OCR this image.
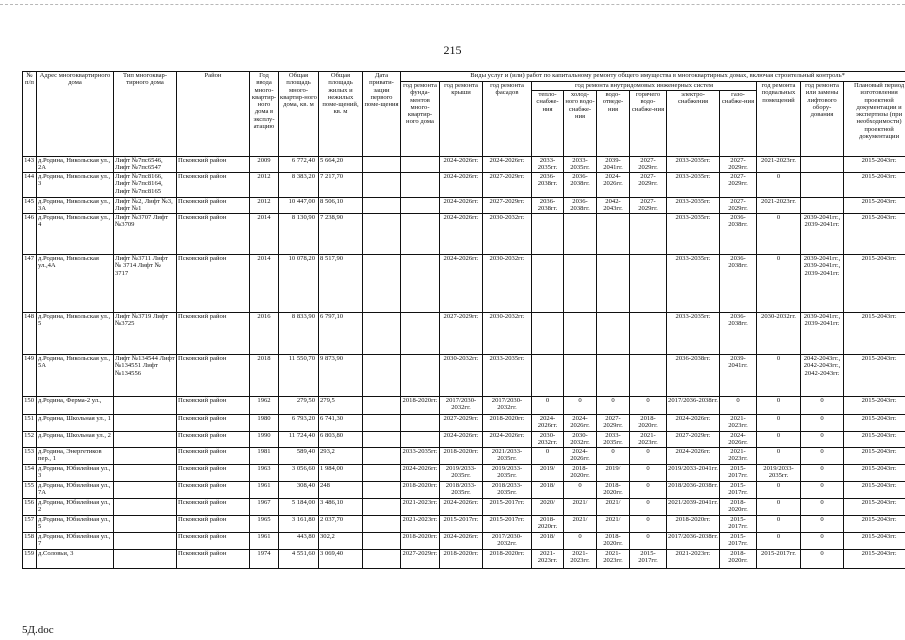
215
№ п/п	Адрес многоквартирного дома	Тип многоквар-тирного дома	Район	Год ввода много-квартир-ного дома в эксплу-атацию	Общая площадь много-квартир-ного дома, кв. м	Общая площадь жилых и нежилых поме-щений, кв. м	Дата привати-зации первого поме-щения	Виды услуг и (или) работ по капитальному ремонту общего имущества в многоквартирных домах, включая строительный контроль*											
								год ремонта фунда-ментов много-квартир-ного дома	год ремонта крыши	год ремонта фасадов	год ремонта внутридомовых инженерных систем						год ремонта подвальных помещений	год ремонта или замены лифтового обору-дования	Плановый период изготовления проектной документации и экспертизы (при необходимости) проектной документации
											тепло-снабже-ния	холод-ного водо-снабже-ния	водо-отведе-ния	горячего водо-снабже-ния	электро-снабжения	газо-снабже-ния			
143	д.Родина, Никольская ул., 2А	Лифт №7пс6546, Лифт №7пс6547	Псковский район	2009	6 772,40	5 664,20			2024-2026гг.	2024-2026гг.	2033-2035гг.	2033-2035гг.	2039-2041гг.	2027-2029гг.	2033-2035гг.	2027-2029гг.	2021-2023гг.		2015-2043гг.
144	д.Родина, Никольская ул., 3	Лифт №7пс8166, Лифт №7пс8164, Лифт №7пс8165	Псковский район	2012	8 383,20	7 217,70			2024-2026гг.	2027-2029гг.	2036-2038гг.	2036-2038гг.	2024-2026гг.	2027-2029гг.	2033-2035гг.	2027-2029гг.	0		2015-2043гг.
145	д.Родина, Никольская ул., 3А	Лифт №2, Лифт №3, Лифт №1	Псковский район	2012	10 447,00	8 506,10			2024-2026гг.	2027-2029гг.	2036-2038гг.	2036-2038гг.	2042-2043гг.	2027-2029гг.	2033-2035гг.	2027-2029гг.	2021-2023гг.		2015-2043гг.
146	д.Родина, Никольская ул., 4	Лифт №3707 Лифт №3709	Псковский район	2014	8 130,90	7 238,90			2024-2026гг.	2030-2032гг.					2033-2035гг.	2036-2038гг.	0	2039-2041гг., 2039-2041гг.	2015-2043гг.
147	д.Родина, Никольская ул.,4А	Лифт №3711 Лифт № 3714 Лифт № 3717	Псковский район	2014	10 078,20	8 517,90			2024-2026гг.	2030-2032гг.					2033-2035гг.	2036-2038гг.	0	2039-2041гг., 2039-2041гг., 2039-2041гг.	2015-2043гг.
148	д.Родина, Никольская ул., 5	Лифт №3719 Лифт №3725	Псковский район	2016	8 833,90	6 797,10			2027-2029гг.	2030-2032гг.					2033-2035гг.	2036-2038гг.	2030-2032гг.	2039-2041гг., 2039-2041гг.	2015-2043гг.
149	д.Родина, Никольская ул., 5А	Лифт №134544 Лифт №134551 Лифт №134556	Псковский район	2018	11 550,70	9 873,90			2030-2032гг.	2033-2035гг.					2036-2038гг.	2039-2041гг.	0	2042-2043гг., 2042-2043гг., 2042-2043гг.	2015-2043гг.
150	д.Родина, Ферма-2 ул.,		Псковский район	1962	279,50	279,5		2018-2020гг.	2017/2030-2032гг.	2017/2030-2032гг.	0	0	0	0	2017/2036-2038гг.	0	0	0	2015-2043гг.
151	д.Родина, Школьная ул., 1		Псковский район	1980	6 793,20	6 741,30			2027-2029гг.	2018-2020гг.	2024-2026гг.	2024-2026гг.	2027-2029гг.	2018-2020гг.	2024-2026гг.	2021-2023гг.	0	0	2015-2043гг.
152	д.Родина, Школьная ул., 2		Псковский район	1990	11 724,40	6 803,80			2024-2026гг.	2024-2026гг.	2030-2032гг.	2030-2032гг.	2033-2035гг.	2021-2023гг.	2027-2029гг.	2024-2026гг.	0	0	2015-2043гг.
153	д.Родина, Энергетиков пер., 1		Псковский район	1981	589,40	293,2		2033-2035гг.	2018-2020гг.	2021/2033-2035гг.	0	2024-2026гг.	0	0	2024-2026гг.	2021-2023гг.	0	0	2015-2043гг.
154	д.Родина, Юбилейная ул., 3		Псковский район	1963	3 056,60	1 984,00		2024-2026гг.	2019/2033-2035гг.	2019/2033-2035гг.	2019/	2018-2020гг.	2019/	0	2019/2033-2041гг.	2015-2017гг.	2019/2033-2035гг.	0	2015-2043гг.
155	д.Родина, Юбилейная ул., 7А		Псковский район	1961	308,40	248		2018-2020гг.	2018/2033-2035гг.	2018/2033-2035гг.	2018/	0	2018-2020гг.	0	2018/2036-2038гг.	2015-2017гг.	0	0	2015-2043гг.
156	д.Родина, Юбилейная ул., 2		Псковский район	1967	5 184,00	3 486,10		2021-2023гг.	2024-2026гг.	2015-2017гг.	2020/	2021/	2021/	0	2021/2039-2041гг.	2018-2020гг.	0	0	2015-2043гг.
157	д.Родина, Юбилейная ул., 5		Псковский район	1965	3 161,80	2 037,70		2021-2023гг.	2015-2017гг.	2015-2017гг.	2018-2020гг.	2021/	2021/	0	2018-2020гг.	2015-2017гг.	0	0	2015-2043гг.
158	д.Родина, Юбилейная ул., 7		Псковский район	1961	443,80	302,2		2018-2020гг.	2024-2026гг.	2017/2030-2032гг.	2018/	0	2018-2020гг.	0	2017/2036-2038гг.	2015-2017гг.	0	0	2015-2043гг.
159	д.Соловьи, 3		Псковский район	1974	4 551,60	3 069,40		2027-2029гг.	2018-2020гг.	2018-2020гг.	2021-2023гг.	2021-2023гг.	2021-2023гг.	2015-2017гг.	2021-2023гг.	2018-2020гг.	2015-2017гг.	0	2015-2043гг.
5Д.doc
